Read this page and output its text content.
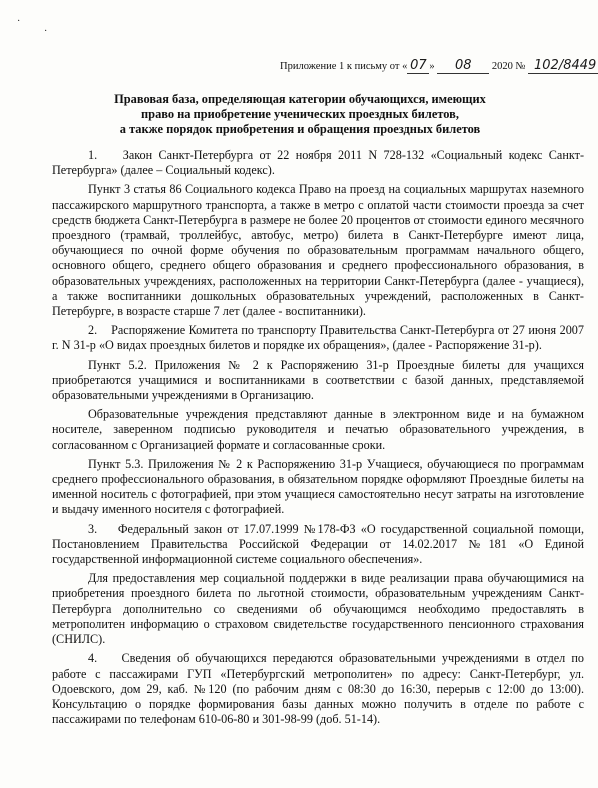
·
·
Приложение 1 к письму от « 07 » 08 2020 № 102/8449
Правовая база, определяющая категории обучающихся, имеющих
право на приобретение ученических проездных билетов,
а также порядок приобретения и обращения проездных билетов

1.    Закон Санкт-Петербурга от 22 ноября 2011 N 728-132 «Социальный кодекс Санкт-Петербурга» (далее – Социальный кодекс).

Пункт 3 статья 86 Социального кодекса Право на проезд на социальных маршрутах наземного пассажирского маршрутного транспорта, а также в метро с оплатой части стоимости проезда за счет средств бюджета Санкт-Петербурга в размере не более 20 процентов от стоимости единого месячного проездного (трамвай, троллейбус, автобус, метро) билета в Санкт-Петербурге имеют лица, обучающиеся по очной форме обучения по образовательным программам начального общего, основного общего, среднего общего образования и среднего профессионального образования, в образовательных учреждениях, расположенных на территории Санкт-Петербурга (далее - учащиеся), а также воспитанники дошкольных образовательных учреждений, расположенных в Санкт-Петербурге, в возрасте старше 7 лет (далее - воспитанники).

2.    Распоряжение Комитета по транспорту Правительства Санкт-Петербурга от 27 июня 2007 г. N 31-р «О видах проездных билетов и порядке их обращения», (далее - Распоряжение 31-р).

Пункт 5.2. Приложения № 2 к Распоряжению 31-р Проездные билеты для учащихся приобретаются учащимися и воспитанниками в соответствии с базой данных, представляемой образовательными учреждениями в Организацию.

Образовательные учреждения представляют данные в электронном виде и на бумажном носителе, заверенном подписью руководителя и печатью образовательного учреждения, в согласованном с Организацией формате и согласованные сроки.

Пункт 5.3. Приложения № 2 к Распоряжению 31-р Учащиеся, обучающиеся по программам среднего профессионального образования, в обязательном порядке оформляют Проездные билеты на именной носитель с фотографией, при этом учащиеся самостоятельно несут затраты на изготовление и выдачу именного носителя с фотографией.

3.    Федеральный закон от 17.07.1999 №178-ФЗ «О государственной социальной помощи, Постановлением Правительства Российской Федерации от 14.02.2017 №181 «О Единой государственной информационной системе социального обеспечения».

Для предоставления мер социальной поддержки в виде реализации права обучающимися на приобретения проездного билета по льготной стоимости, образовательным учреждениям Санкт-Петербурга дополнительно со сведениями об обучающимся необходимо предоставлять в метрополитен информацию о страховом свидетельстве государственного пенсионного страхования (СНИЛС).

4.    Сведения об обучающихся передаются образовательными учреждениями в отдел по работе с пассажирами ГУП «Петербургский метрополитен» по адресу: Санкт-Петербург, ул. Одоевского, дом 29, каб. №120 (по рабочим дням с 08:30 до 16:30, перерыв с 12:00 до 13:00). Консультацию о порядке формирования базы данных можно получить в отделе по работе с пассажирами по телефонам 610-06-80 и 301-98-99 (доб. 51-14).
